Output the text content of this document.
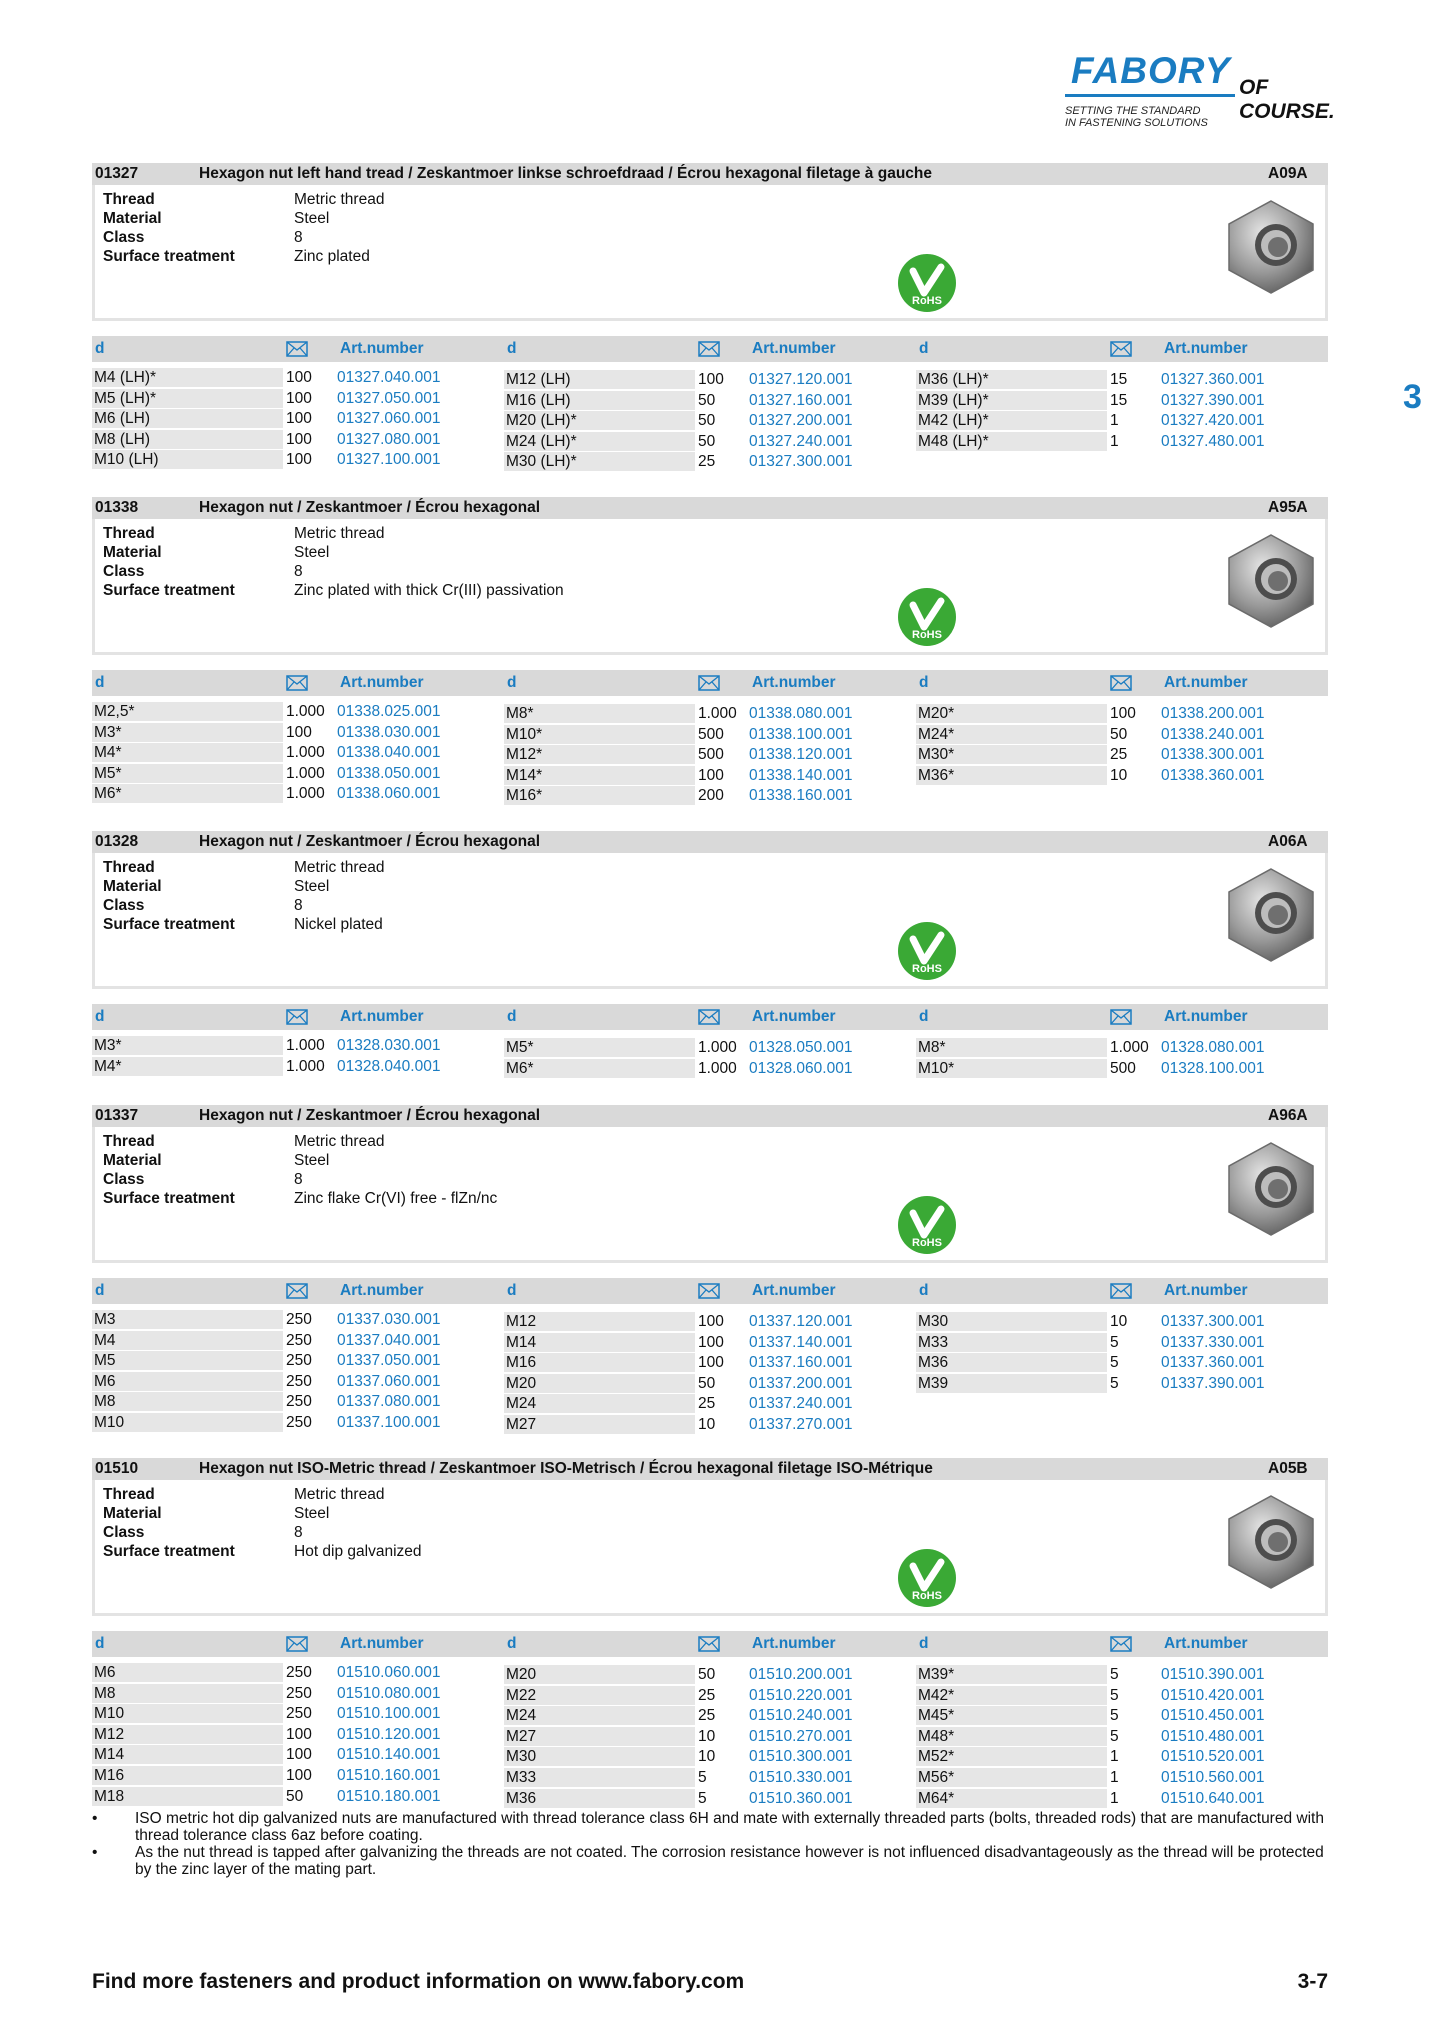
FABORY OF COURSE.
SETTING THE STANDARD
IN FASTENING SOLUTIONS
3
01327	Hexagon nut left hand tread / Zeskantmoer linkse schroefdraad / Écrou hexagonal filetage à gauche	A09A
Thread	Metric thread
Material	Steel
Class	8
Surface treatment	Zinc plated
RoHS
d	Art.number
M4 (LH)*	100	01327.040.001
M5 (LH)*	100	01327.050.001
M6 (LH)	100	01327.060.001
M8 (LH)	100	01327.080.001
M10 (LH)	100	01327.100.001
d	Art.number
M12 (LH)	100	01327.120.001
M16 (LH)	50	01327.160.001
M20 (LH)*	50	01327.200.001
M24 (LH)*	50	01327.240.001
M30 (LH)*	25	01327.300.001
d	Art.number
M36 (LH)*	15	01327.360.001
M39 (LH)*	15	01327.390.001
M42 (LH)*	1	01327.420.001
M48 (LH)*	1	01327.480.001
01338	Hexagon nut / Zeskantmoer / Écrou hexagonal	A95A
Thread	Metric thread
Material	Steel
Class	8
Surface treatment	Zinc plated with thick Cr(III) passivation
RoHS
d	Art.number
M2,5*	1.000 01338.025.001
M3*	100	01338.030.001
M4*	1.000 01338.040.001
M5*	1.000 01338.050.001
M6*	1.000 01338.060.001
d	Art.number
M8*	1.000 01338.080.001
M10*	500	01338.100.001
M12*	500	01338.120.001
M14*	100	01338.140.001
M16*	200	01338.160.001
d	Art.number
M20*	100	01338.200.001
M24*	50	01338.240.001
M30*	25	01338.300.001
M36*	10	01338.360.001
01328	Hexagon nut / Zeskantmoer / Écrou hexagonal	A06A
Thread	Metric thread
Material	Steel
Class	8
Surface treatment	Nickel plated
RoHS
d	Art.number
M3*	1.000 01328.030.001
M4*	1.000 01328.040.001
d	Art.number
M5*	1.000 01328.050.001
M6*	1.000 01328.060.001
d	Art.number
M8*	1.000 01328.080.001
M10*	500	01328.100.001
01337	Hexagon nut / Zeskantmoer / Écrou hexagonal	A96A
Thread	Metric thread
Material	Steel
Class	8
Surface treatment	Zinc flake Cr(VI) free - flZn/nc
RoHS
d	Art.number
M3	250	01337.030.001
M4	250	01337.040.001
M5	250	01337.050.001
M6	250	01337.060.001
M8	250	01337.080.001
M10	250	01337.100.001
d	Art.number
M12	100	01337.120.001
M14	100	01337.140.001
M16	100	01337.160.001
M20	50	01337.200.001
M24	25	01337.240.001
M27	10	01337.270.001
d	Art.number
M30	10	01337.300.001
M33	5	01337.330.001
M36	5	01337.360.001
M39	5	01337.390.001
01510	Hexagon nut ISO-Metric thread / Zeskantmoer ISO-Metrisch / Écrou hexagonal filetage ISO-Métrique	A05B
Thread	Metric thread
Material	Steel
Class	8
Surface treatment	Hot dip galvanized
RoHS
d	Art.number
M6	250	01510.060.001
M8	250	01510.080.001
M10	250	01510.100.001
M12	100	01510.120.001
M14	100	01510.140.001
M16	100	01510.160.001
M18	50	01510.180.001
d	Art.number
M20	50	01510.200.001
M22	25	01510.220.001
M24	25	01510.240.001
M27	10	01510.270.001
M30	10	01510.300.001
M33	5	01510.330.001
M36	5	01510.360.001
d	Art.number
M39*	5	01510.390.001
M42*	5	01510.420.001
M45*	5	01510.450.001
M48*	5	01510.480.001
M52*	1	01510.520.001
M56*	1	01510.560.001
M64*	1	01510.640.001
• ISO metric hot dip galvanized nuts are manufactured with thread tolerance class 6H and mate with externally threaded parts (bolts, threaded rods) that are manufactured with thread tolerance class 6az before coating.
• As the nut thread is tapped after galvanizing the threads are not coated. The corrosion resistance however is not influenced disadvantageously as the thread will be protected by the zinc layer of the mating part.
Find more fasteners and product information on www.fabory.com	3-7
